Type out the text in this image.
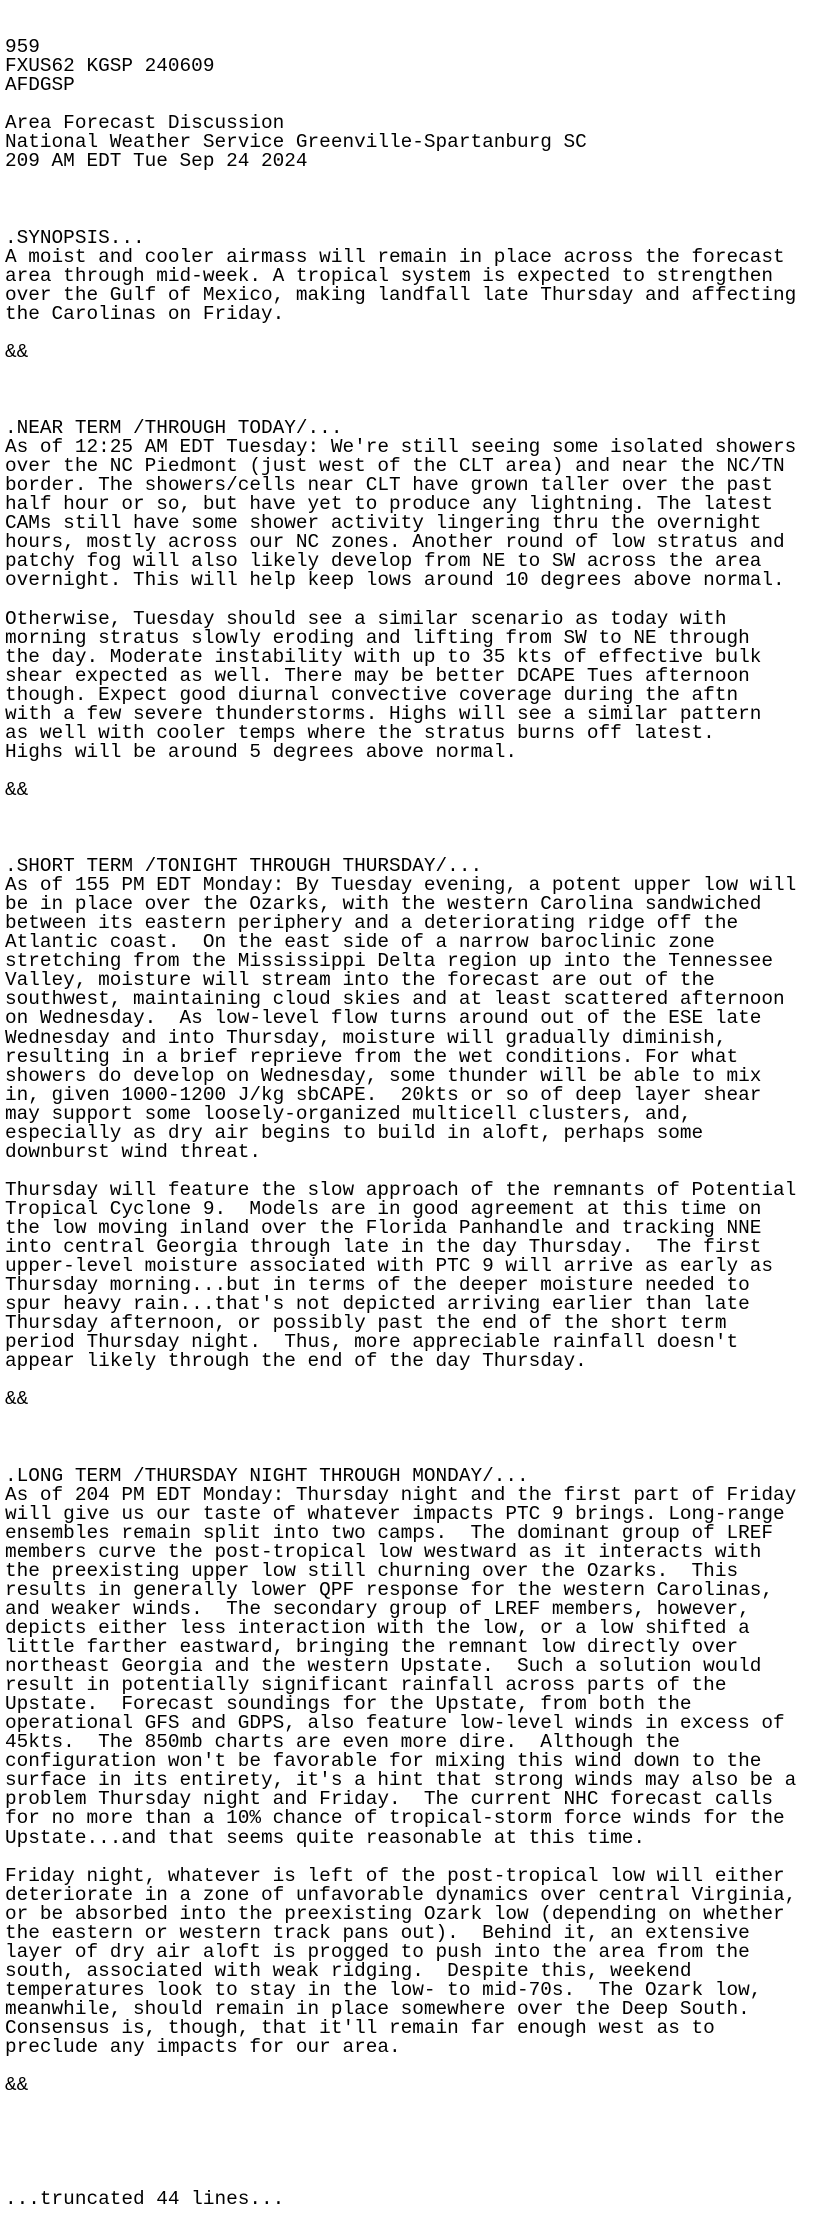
959
FXUS62 KGSP 240609
AFDGSP
Area Forecast Discussion
National Weather Service Greenville-Spartanburg SC
209 AM EDT Tue Sep 24 2024

.SYNOPSIS...
A moist and cooler airmass will remain in place across the forecast
area through mid-week. A tropical system is expected to strengthen
over the Gulf of Mexico, making landfall late Thursday and affecting
the Carolinas on Friday.
&&

.NEAR TERM /THROUGH TODAY/...
As of 12:25 AM EDT Tuesday: We're still seeing some isolated showers
over the NC Piedmont (just west of the CLT area) and near the NC/TN
border. The showers/cells near CLT have grown taller over the past
half hour or so, but have yet to produce any lightning. The latest
CAMs still have some shower activity lingering thru the overnight
hours, mostly across our NC zones. Another round of low stratus and
patchy fog will also likely develop from NE to SW across the area
overnight. This will help keep lows around 10 degrees above normal.
Otherwise, Tuesday should see a similar scenario as today with
morning stratus slowly eroding and lifting from SW to NE through
the day. Moderate instability with up to 35 kts of effective bulk
shear expected as well. There may be better DCAPE Tues afternoon
though. Expect good diurnal convective coverage during the aftn
with a few severe thunderstorms. Highs will see a similar pattern
as well with cooler temps where the stratus burns off latest.
Highs will be around 5 degrees above normal.
&&

.SHORT TERM /TONIGHT THROUGH THURSDAY/...
As of 155 PM EDT Monday: By Tuesday evening, a potent upper low will
be in place over the Ozarks, with the western Carolina sandwiched
between its eastern periphery and a deteriorating ridge off the
Atlantic coast.  On the east side of a narrow baroclinic zone
stretching from the Mississippi Delta region up into the Tennessee
Valley, moisture will stream into the forecast are out of the
southwest, maintaining cloud skies and at least scattered afternoon
on Wednesday.  As low-level flow turns around out of the ESE late
Wednesday and into Thursday, moisture will gradually diminish,
resulting in a brief reprieve from the wet conditions. For what
showers do develop on Wednesday, some thunder will be able to mix
in, given 1000-1200 J/kg sbCAPE.  20kts or so of deep layer shear
may support some loosely-organized multicell clusters, and,
especially as dry air begins to build in aloft, perhaps some
downburst wind threat.
Thursday will feature the slow approach of the remnants of Potential
Tropical Cyclone 9.  Models are in good agreement at this time on
the low moving inland over the Florida Panhandle and tracking NNE
into central Georgia through late in the day Thursday.  The first
upper-level moisture associated with PTC 9 will arrive as early as
Thursday morning...but in terms of the deeper moisture needed to
spur heavy rain...that's not depicted arriving earlier than late
Thursday afternoon, or possibly past the end of the short term
period Thursday night.  Thus, more appreciable rainfall doesn't
appear likely through the end of the day Thursday.
&&

.LONG TERM /THURSDAY NIGHT THROUGH MONDAY/...
As of 204 PM EDT Monday: Thursday night and the first part of Friday
will give us our taste of whatever impacts PTC 9 brings. Long-range
ensembles remain split into two camps.  The dominant group of LREF
members curve the post-tropical low westward as it interacts with
the preexisting upper low still churning over the Ozarks.  This
results in generally lower QPF response for the western Carolinas,
and weaker winds.  The secondary group of LREF members, however,
depicts either less interaction with the low, or a low shifted a
little farther eastward, bringing the remnant low directly over
northeast Georgia and the western Upstate.  Such a solution would
result in potentially significant rainfall across parts of the
Upstate.  Forecast soundings for the Upstate, from both the
operational GFS and GDPS, also feature low-level winds in excess of
45kts.  The 850mb charts are even more dire.  Although the
configuration won't be favorable for mixing this wind down to the
surface in its entirety, it's a hint that strong winds may also be a
problem Thursday night and Friday.  The current NHC forecast calls
for no more than a 10% chance of tropical-storm force winds for the
Upstate...and that seems quite reasonable at this time.
Friday night, whatever is left of the post-tropical low will either
deteriorate in a zone of unfavorable dynamics over central Virginia,
or be absorbed into the preexisting Ozark low (depending on whether
the eastern or western track pans out).  Behind it, an extensive
layer of dry air aloft is progged to push into the area from the
south, associated with weak ridging.  Despite this, weekend
temperatures look to stay in the low- to mid-70s.  The Ozark low,
meanwhile, should remain in place somewhere over the Deep South.
Consensus is, though, that it'll remain far enough west as to
preclude any impacts for our area.
&&

...truncated 44 lines...
